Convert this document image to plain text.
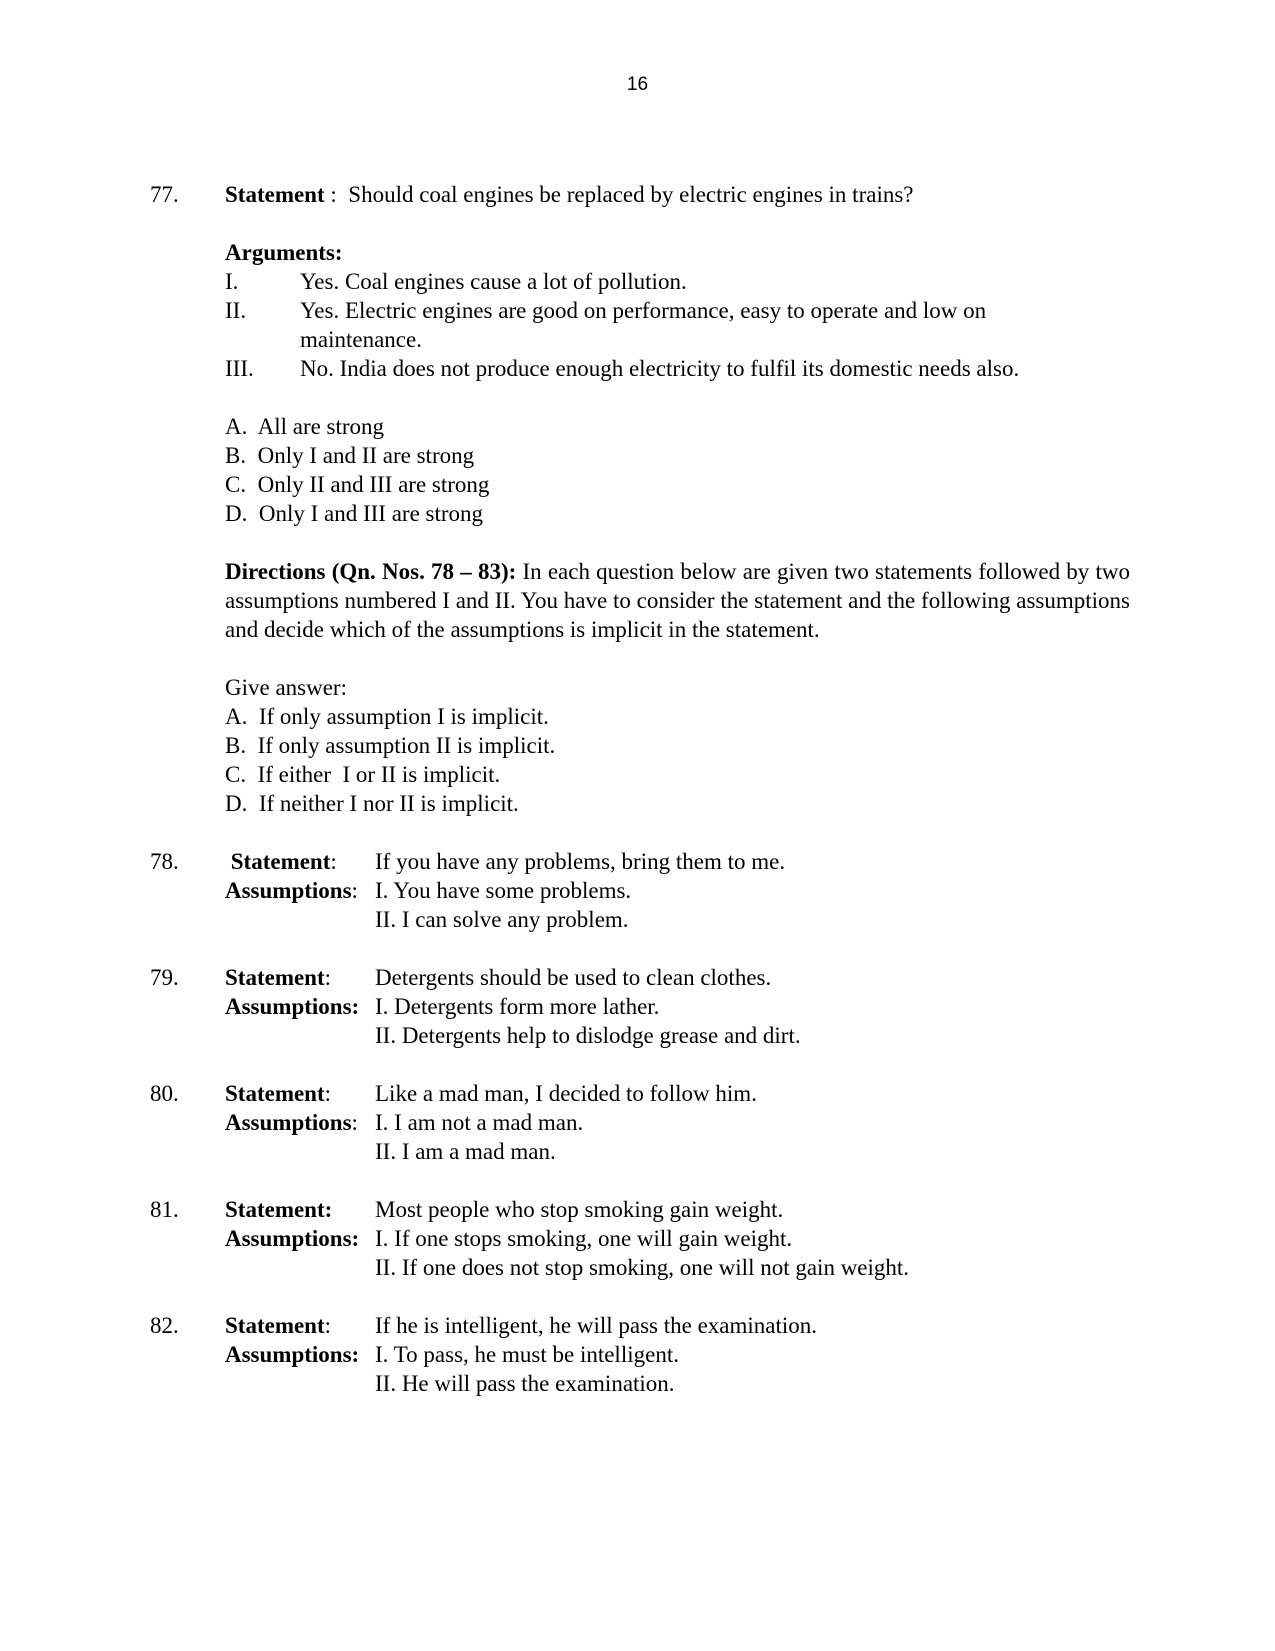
16
77. Statement :  Should coal engines be replaced by electric engines in trains?
Arguments:
I.	Yes. Coal engines cause a lot of pollution.
II.	Yes. Electric engines are good on performance, easy to operate and low on maintenance.
III.	No. India does not produce enough electricity to fulfil its domestic needs also.
A.  All are strong
B.  Only I and II are strong
C.  Only II and III are strong
D.  Only I and III are strong
Directions (Qn. Nos. 78 – 83): In each question below are given two statements followed by two assumptions numbered I and II. You have to consider the statement and the following assumptions and decide which of the assumptions is implicit in the statement.
Give answer:
A.  If only assumption I is implicit.
B.  If only assumption II is implicit.
C.  If either  I or II is implicit.
D.  If neither I nor II is implicit.
78. Statement:	If you have any problems, bring them to me.
Assumptions: I. You have some problems.
II. I can solve any problem.
79. Statement:	Detergents should be used to clean clothes.
Assumptions: I. Detergents form more lather.
II. Detergents help to dislodge grease and dirt.
80. Statement:	Like a mad man, I decided to follow him.
Assumptions: I. I am not a mad man.
II. I am a mad man.
81. Statement:	Most people who stop smoking gain weight.
Assumptions: I. If one stops smoking, one will gain weight.
II. If one does not stop smoking, one will not gain weight.
82. Statement:	If he is intelligent, he will pass the examination.
Assumptions: I. To pass, he must be intelligent.
II. He will pass the examination.
